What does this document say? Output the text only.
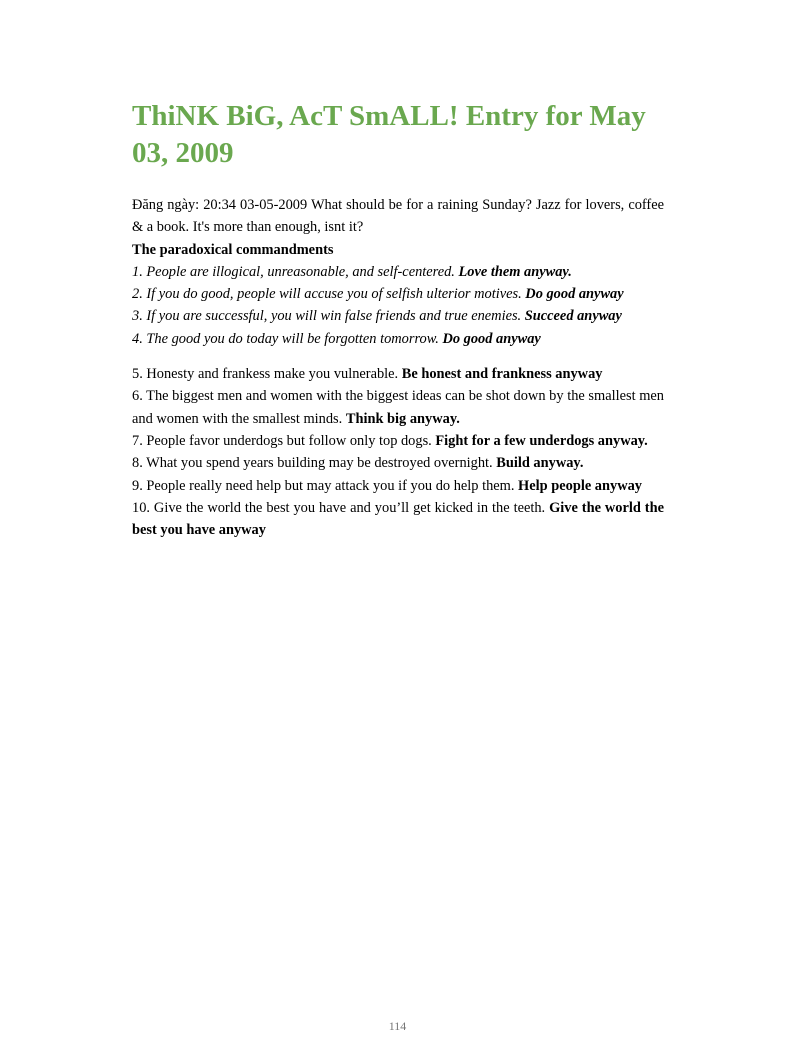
ThiNK BiG, AcT SmALL! Entry for May 03, 2009

Đăng ngày: 20:34 03-05-2009 What should be for a raining Sunday? Jazz for lovers, coffee & a book. It's more than enough, isnt it?

The paradoxical commandments

1. People are illogical, unreasonable, and self-centered. Love them anyway.

2. If you do good, people will accuse you of selfish ulterior motives. Do good anyway

3. If you are successful, you will win false friends and true enemies. Succeed anyway

4. The good you do today will be forgotten tomorrow. Do good anyway

5. Honesty and frankess make you vulnerable. Be honest and frankness anyway

6. The biggest men and women with the biggest ideas can be shot down by the smallest men and women with the smallest minds. Think big anyway.

7. People favor underdogs but follow only top dogs. Fight for a few underdogs anyway.

8. What you spend years building may be destroyed overnight. Build anyway.

9. People really need help but may attack you if you do help them. Help people anyway

10. Give the world the best you have and you’ll get kicked in the teeth. Give the world the best you have anyway

114
